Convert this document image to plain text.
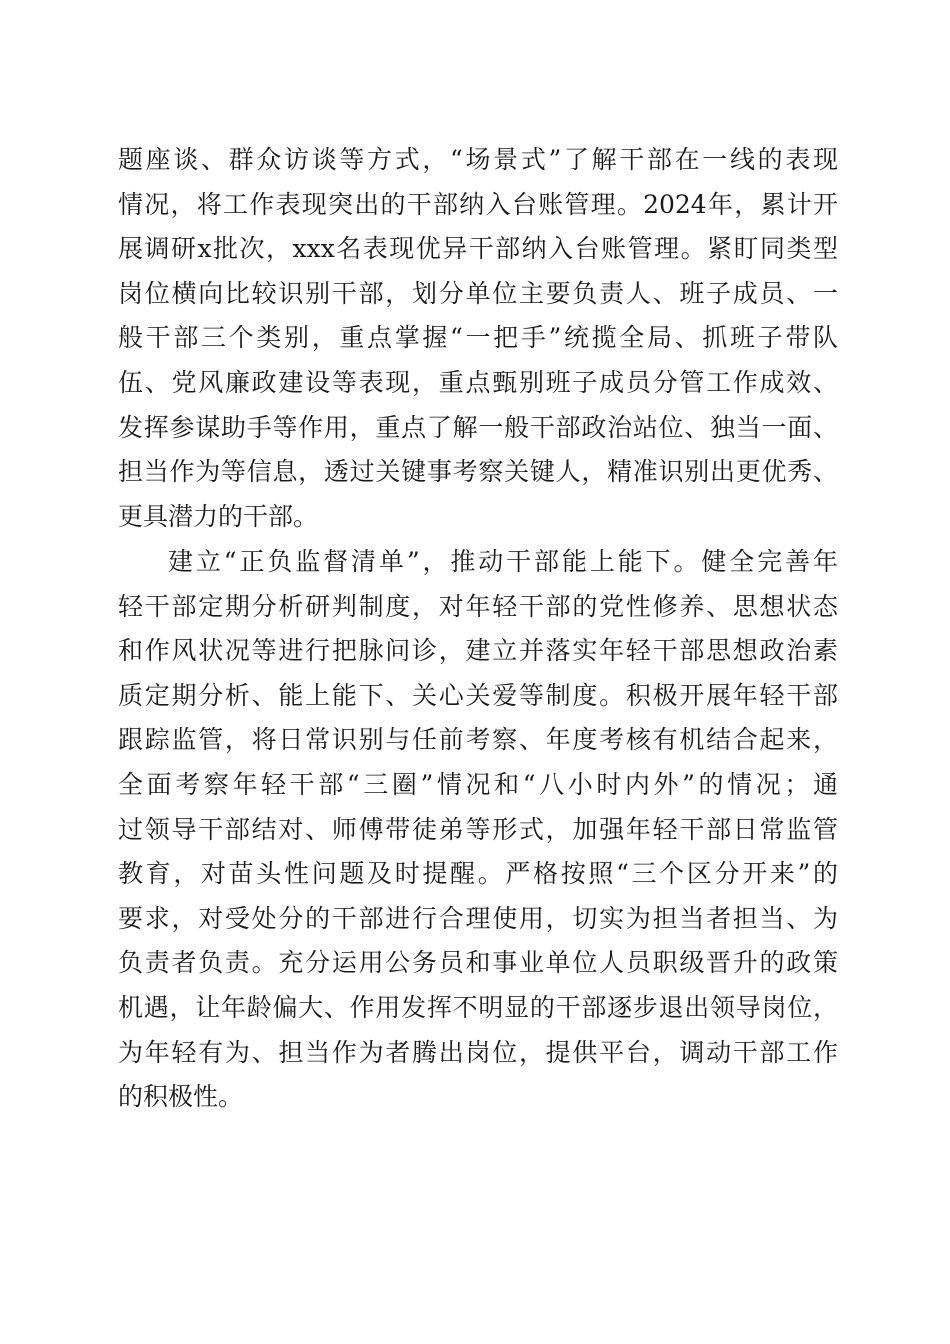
题座谈、群众访谈等方式，“场景式”了解干部在一线的表现
情况，将工作表现突出的干部纳入台账管理。2024年，累计开
展调研x批次，xxx名表现优异干部纳入台账管理。紧盯同类型
岗位横向比较识别干部，划分单位主要负责人、班子成员、一
般干部三个类别，重点掌握“一把手”统揽全局、抓班子带队
伍、党风廉政建设等表现，重点甄别班子成员分管工作成效、
发挥参谋助手等作用，重点了解一般干部政治站位、独当一面、
担当作为等信息，透过关键事考察关键人，精准识别出更优秀、
更具潜力的干部。
建立“正负监督清单”，推动干部能上能下。健全完善年
轻干部定期分析研判制度，对年轻干部的党性修养、思想状态
和作风状况等进行把脉问诊，建立并落实年轻干部思想政治素
质定期分析、能上能下、关心关爱等制度。积极开展年轻干部
跟踪监管，将日常识别与任前考察、年度考核有机结合起来，
全面考察年轻干部“三圈”情况和“八小时内外”的情况；通
过领导干部结对、师傅带徒弟等形式，加强年轻干部日常监管
教育，对苗头性问题及时提醒。严格按照“三个区分开来”的
要求，对受处分的干部进行合理使用，切实为担当者担当、为
负责者负责。充分运用公务员和事业单位人员职级晋升的政策
机遇，让年龄偏大、作用发挥不明显的干部逐步退出领导岗位，
为年轻有为、担当作为者腾出岗位，提供平台，调动干部工作
的积极性。
